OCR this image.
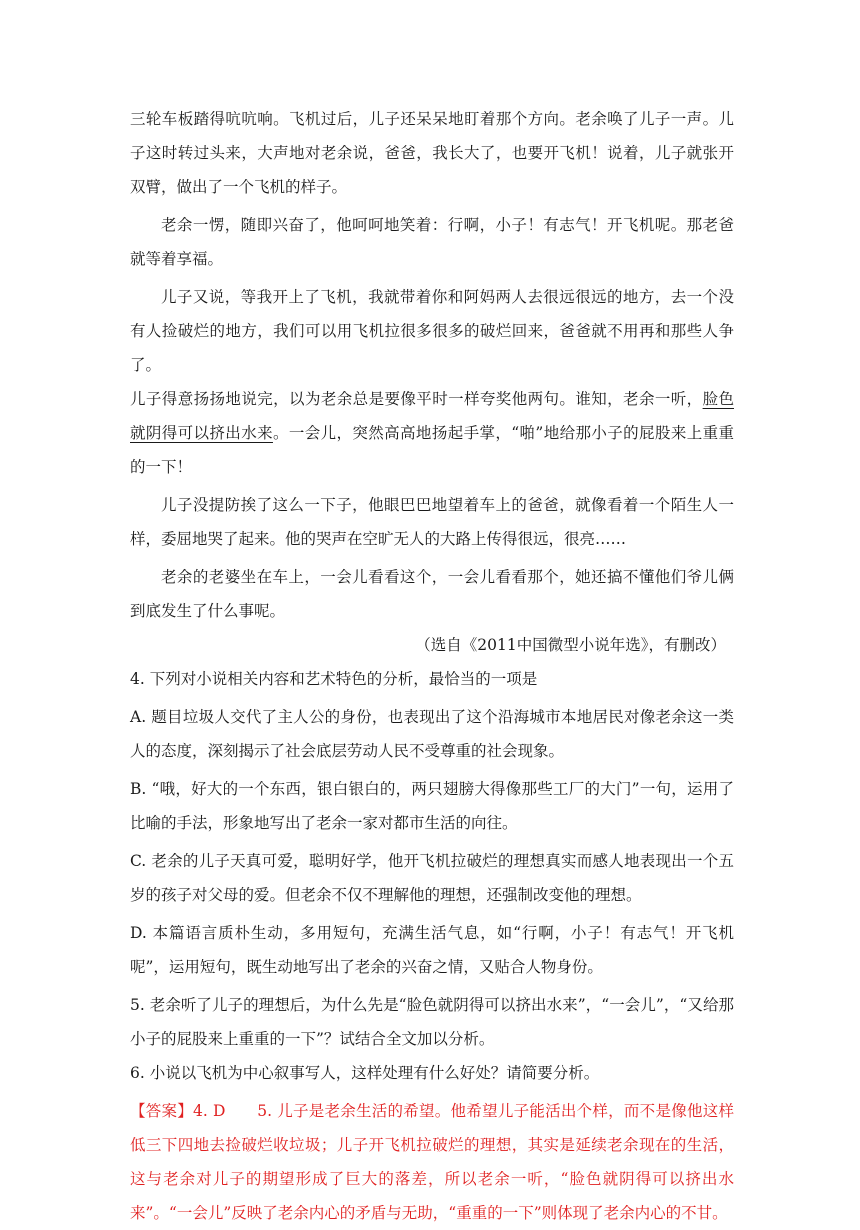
三轮车板踏得吭吭响。飞机过后，儿子还呆呆地盯着那个方向。老余唤了儿子一声。儿子这时转过头来，大声地对老余说，爸爸，我长大了，也要开飞机！说着，儿子就张开双臂，做出了一个飞机的样子。

老余一愣，随即兴奋了，他呵呵地笑着：行啊，小子！有志气！开飞机呢。那老爸就等着享福。

儿子又说，等我开上了飞机，我就带着你和阿妈两人去很远很远的地方，去一个没有人捡破烂的地方，我们可以用飞机拉很多很多的破烂回来，爸爸就不用再和那些人争了。

儿子得意扬扬地说完，以为老余总是要像平时一样夸奖他两句。谁知，老余一听，脸色就阴得可以挤出水来。一会儿，突然高高地扬起手掌，“啪”地给那小子的屁股来上重重的一下！

儿子没提防挨了这么一下子，他眼巴巴地望着车上的爸爸，就像看着一个陌生人一样，委屈地哭了起来。他的哭声在空旷无人的大路上传得很远，很亮……

老余的老婆坐在车上，一会儿看看这个，一会儿看看那个，她还搞不懂他们爷儿俩到底发生了什么事呢。

（选自《2011中国微型小说年选》，有删改）

4. 下列对小说相关内容和艺术特色的分析，最恰当的一项是

A. 题目垃圾人交代了主人公的身份，也表现出了这个沿海城市本地居民对像老余这一类人的态度，深刻揭示了社会底层劳动人民不受尊重的社会现象。

B. “哦，好大的一个东西，银白银白的，两只翅膀大得像那些工厂的大门”一句，运用了比喻的手法，形象地写出了老余一家对都市生活的向往。

C. 老余的儿子天真可爱，聪明好学，他开飞机拉破烂的理想真实而感人地表现出一个五岁的孩子对父母的爱。但老余不仅不理解他的理想，还强制改变他的理想。

D. 本篇语言质朴生动，多用短句，充满生活气息，如“行啊，小子！有志气！开飞机呢”，运用短句，既生动地写出了老余的兴奋之情，又贴合人物身份。

5. 老余听了儿子的理想后，为什么先是“脸色就阴得可以挤出水来”，“一会儿”，“又给那小子的屁股来上重重的一下”？试结合全文加以分析。

6. 小说以飞机为中心叙事写人，这样处理有什么好处？请简要分析。

【答案】4. D　　5. 儿子是老余生活的希望。他希望儿子能活出个样，而不是像他这样低三下四地去捡破烂收垃圾；儿子开飞机拉破烂的理想，其实是延续老余现在的生活，这与老余对儿子的期望形成了巨大的落差，所以老余一听，“脸色就阴得可以挤出水来”。“一会儿”反映了老余内心的矛盾与无助，“重重的一下”则体现了老余内心的不甘。
